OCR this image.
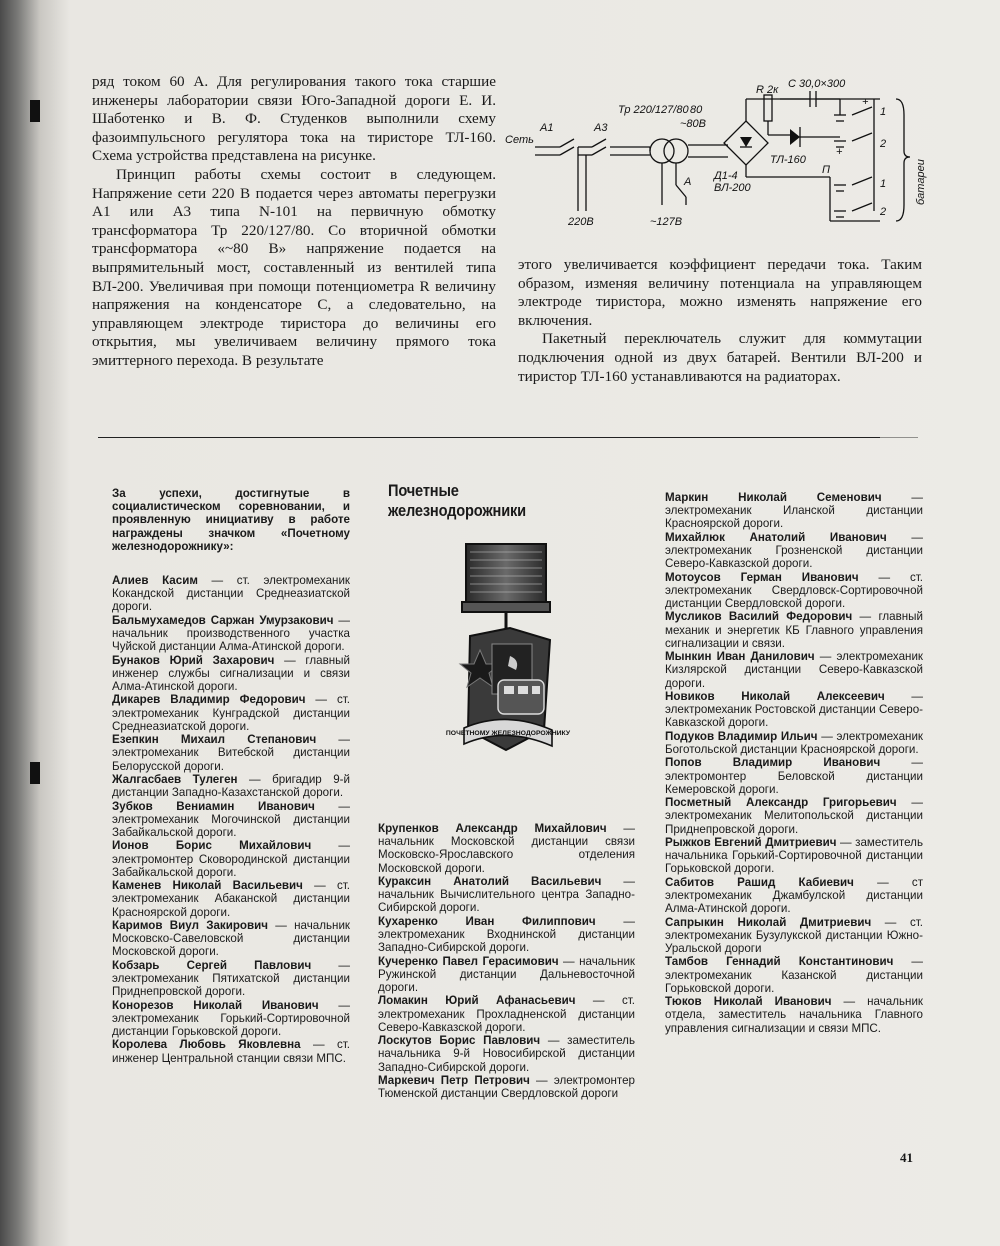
ряд током 60 А. Для регулирования такого тока старшие инженеры лаборатории связи Юго-Западной дороги Е. И. Шаботенко и В. Ф. Студенков выполнили схему фазоимпульсного регулятора тока на тиристоре ТЛ-160. Схема устройства представлена на рисунке.

Принцип работы схемы состоит в следующем. Напряжение сети 220 В подается через автоматы перегрузки А1 или А3 типа N-101 на первичную обмотку трансформатора Тр 220/127/80. Со вторичной обмотки трансформатора «~80 В» напряжение подается на выпрямительный мост, составленный из вентилей типа ВЛ-200. Увеличивая при помощи потенциометра R величину напряжения на конденсаторе С, а следовательно, на управляющем электроде тиристора до величины его открытия, мы увеличиваем величину прямого тока эмиттерного перехода. В результате

C 30,0×300
R 2к
Тр 220/127/80 80
~80В
А1	А3
Сеть
220В	~127В
А
ТЛ-160
Д1-4
ВЛ-200
П
+
+
1
2
1
2
батареи

этого увеличивается коэффициент передачи тока. Таким образом, изменяя величину потенциала на управляющем электроде тиристора, можно изменять напряжение его включения.

Пакетный переключатель служит для коммутации подключения одной из двух батарей. Вентили ВЛ-200 и тиристор ТЛ-160 устанавливаются на радиаторах.

За успехи, достигнутые в социалистическом соревновании, и проявленную инициативу в работе награждены значком «Почетному железнодорожнику»:
Почетные железнодорожники

Алиев Касим — ст. электромеханик Кокандской дистанции Среднеазиатской дороги.

Бальмухамедов Саржан Умурзакович — начальник производственного участка Чуйской дистанции Алма-Атинской дороги.

Бунаков Юрий Захарович — главный инженер службы сигнализации и связи Алма-Атинской дороги.

Дикарев Владимир Федорович — ст. электромеханик Кунградской дистанции Среднеазиатской дороги.

Езепкин Михаил Степанович — электромеханик Витебской дистанции Белорусской дороги.

Жалгасбаев Тулеген — бригадир 9-й дистанции Западно-Казахстанской дороги.

Зубков Вениамин Иванович — электромеханик Могочинской дистанции Забайкальской дороги.

Ионов Борис Михайлович — электромонтер Сковородинской дистанции Забайкальской дороги.

Каменев Николай Васильевич — ст. электромеханик Абаканской дистанции Красноярской дороги.

Каримов Виул Закирович — начальник Московско-Савеловской дистанции Московской дороги.

Кобзарь Сергей Павлович — электромеханик Пятихатской дистанции Приднепровской дороги.

Конорезов Николай Иванович — электромеханик Горький-Сортировочной дистанции Горьковской дороги.

Королева Любовь Яковлевна — ст. инженер Центральной станции связи МПС.

ПОЧЕТНОМУ ЖЕЛЕЗНОДОРОЖНИКУ

Крупенков Александр Михайлович — начальник Московской дистанции связи Московско-Ярославского отделения Московской дороги.

Кураксин Анатолий Васильевич — начальник Вычислительного центра Западно-Сибирской дороги.

Кухаренко Иван Филиппович — электромеханик Входнинской дистанции Западно-Сибирской дороги.

Кучеренко Павел Герасимович — начальник Ружинской дистанции Дальневосточной дороги.

Ломакин Юрий Афанасьевич — ст. электромеханик Прохладненской дистанции Северо-Кавказской дороги.

Лоскутов Борис Павлович — заместитель начальника 9-й Новосибирской дистанции Западно-Сибирской дороги.

Маркевич Петр Петрович — электромонтер Тюменской дистанции Свердловской дороги

Маркин Николай Семенович — электромеханик Иланской дистанции Красноярской дороги.

Михайлюк Анатолий Иванович — электромеханик Грозненской дистанции Северо-Кавказской дороги.

Мотоусов Герман Иванович — ст. электромеханик Свердловск-Сортировочной дистанции Свердловской дороги.

Мусликов Василий Федорович — главный механик и энергетик КБ Главного управления сигнализации и связи.

Мынкин Иван Данилович — электромеханик Кизлярской дистанции Северо-Кавказской дороги.

Новиков Николай Алексеевич — электромеханик Ростовской дистанции Северо-Кавказской дороги.

Подуков Владимир Ильич — электромеханик Боготольской дистанции Красноярской дороги.

Попов Владимир Иванович — электромонтер Беловской дистанции Кемеровской дороги.

Посметный Александр Григорьевич — электромеханик Мелитопольской дистанции Приднепровской дороги.

Рыжков Евгений Дмитриевич — заместитель начальника Горький-Сортировочной дистанции Горьковской дороги.

Сабитов Рашид Кабиевич — ст электромеханик Джамбулской дистанции Алма-Атинской дороги.

Сапрыкин Николай Дмитриевич — ст. электромеханик Бузулукской дистанции Южно-Уральской дороги

Тамбов Геннадий Константинович — электромеханик Казанской дистанции Горьковской дороги.

Тюков Николай Иванович — начальник отдела, заместитель начальника Главного управления сигнализации и связи МПС.

41
